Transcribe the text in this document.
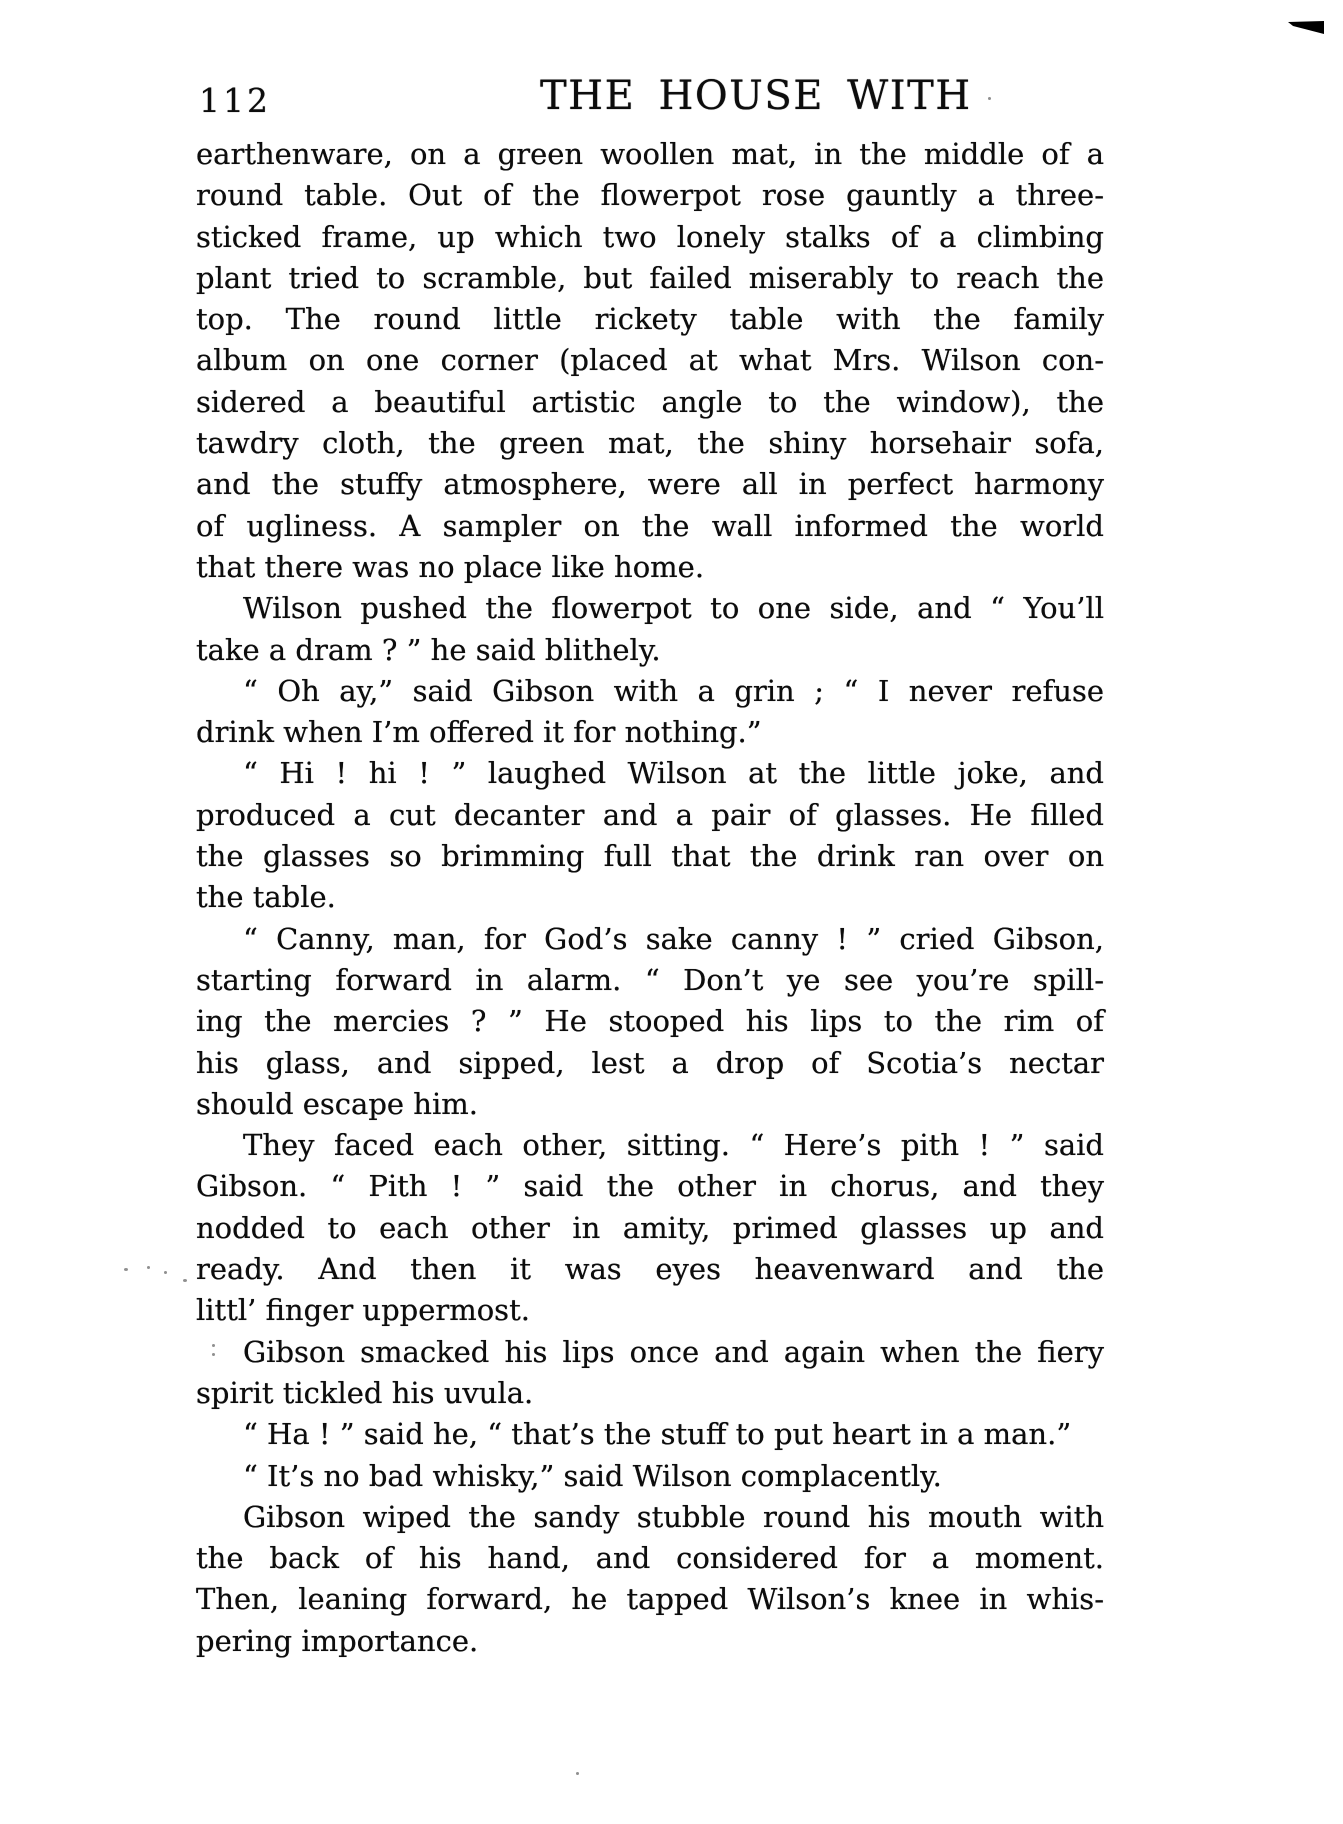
112	THE HOUSE WITH
earthenware, on a green woollen mat, in the middle of a
round table. Out of the flowerpot rose gauntly a three-
sticked frame, up which two lonely stalks of a climbing
plant tried to scramble, but failed miserably to reach the
top. The round little rickety table with the family
album on one corner (placed at what Mrs. Wilson con-
sidered a beautiful artistic angle to the window), the
tawdry cloth, the green mat, the shiny horsehair sofa,
and the stuffy atmosphere, were all in perfect harmony
of ugliness. A sampler on the wall informed the world
that there was no place like home.
Wilson pushed the flowerpot to one side, and “ You’ll
take a dram ? ” he said blithely.
“ Oh ay,” said Gibson with a grin ; “ I never refuse
drink when I’m offered it for nothing.”
“ Hi ! hi ! ” laughed Wilson at the little joke, and
produced a cut decanter and a pair of glasses. He filled
the glasses so brimming full that the drink ran over on
the table.
“ Canny, man, for God’s sake canny ! ” cried Gibson,
starting forward in alarm. “ Don’t ye see you’re spill-
ing the mercies ? ” He stooped his lips to the rim of
his glass, and sipped, lest a drop of Scotia’s nectar
should escape him.
They faced each other, sitting. “ Here’s pith ! ” said
Gibson. “ Pith ! ” said the other in chorus, and they
nodded to each other in amity, primed glasses up and
ready. And then it was eyes heavenward and the
littl’ finger uppermost.
Gibson smacked his lips once and again when the fiery
spirit tickled his uvula.
“ Ha ! ” said he, “ that’s the stuff to put heart in a man.”
“ It’s no bad whisky,” said Wilson complacently.
Gibson wiped the sandy stubble round his mouth with
the back of his hand, and considered for a moment.
Then, leaning forward, he tapped Wilson’s knee in whis-
pering importance.
